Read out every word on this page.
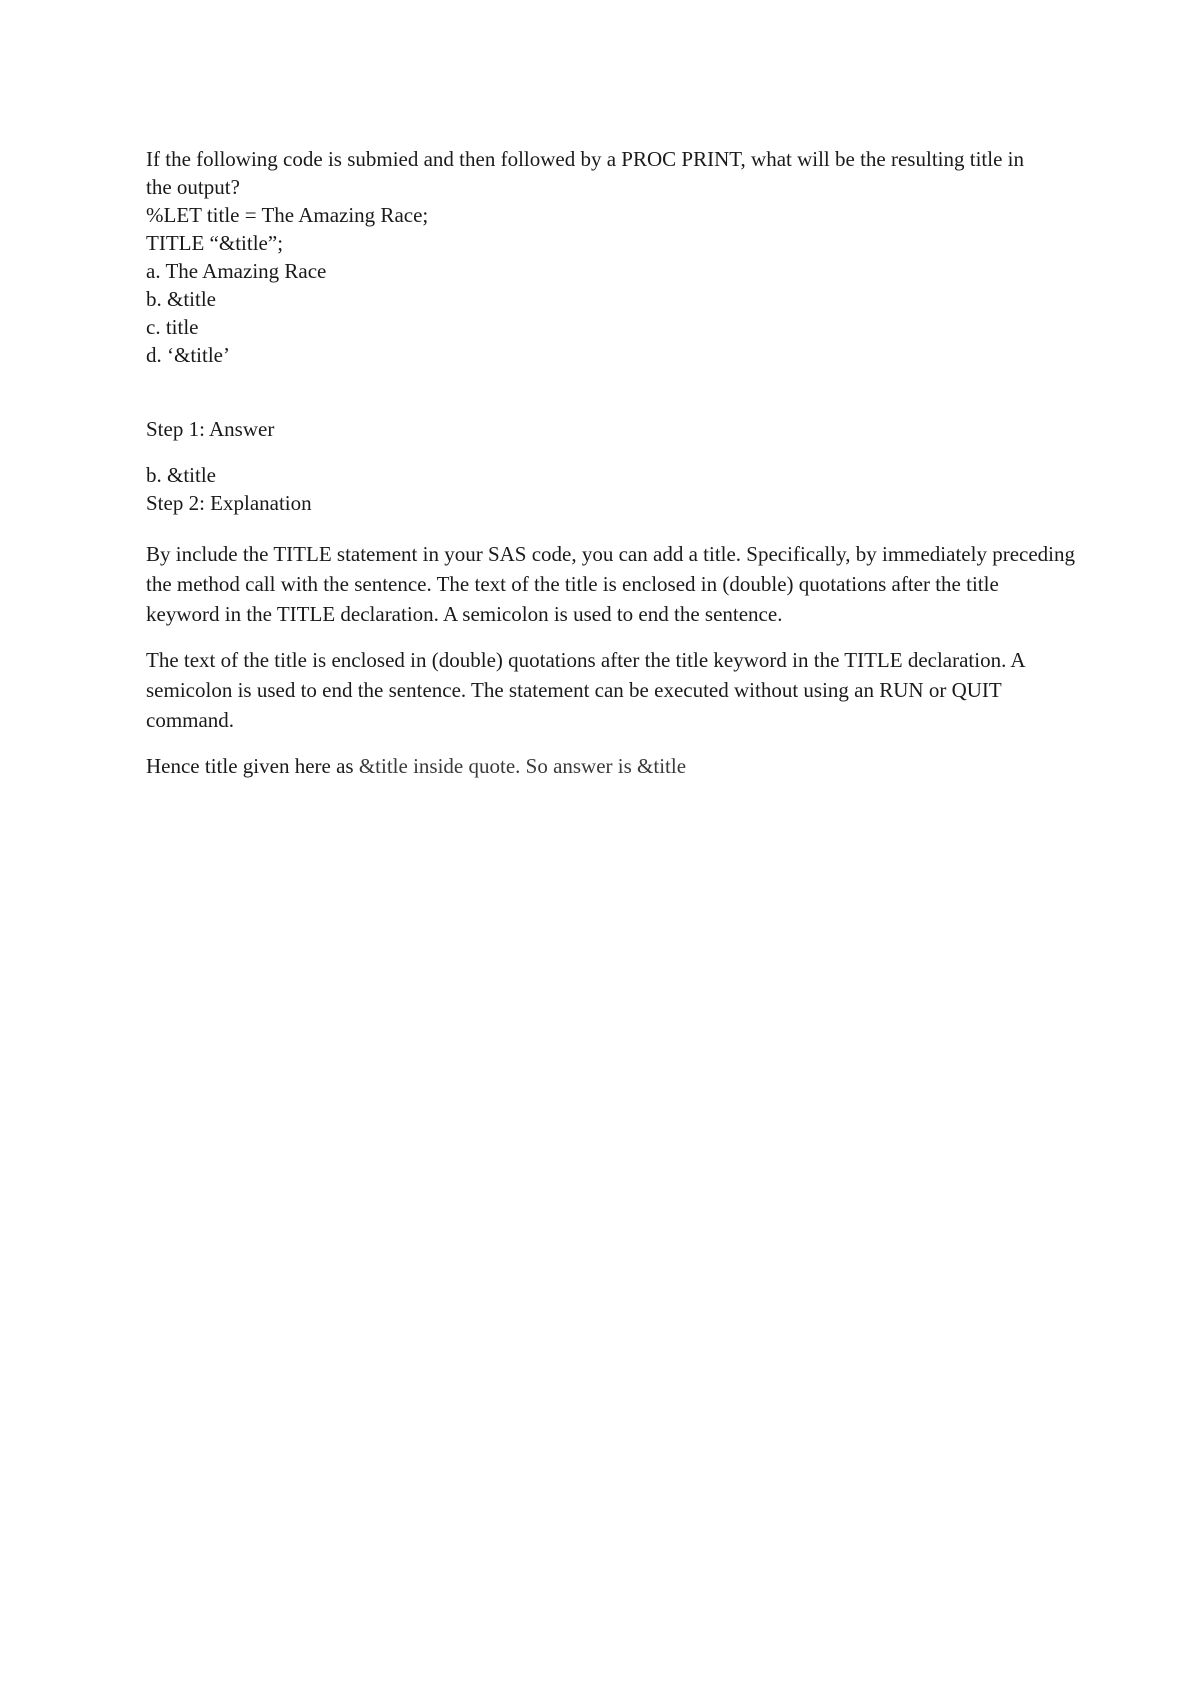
If the following code is submied and then followed by a PROC PRINT, what will be the resulting title in the output?

%LET title = The Amazing Race;

TITLE “&title”;

a. The Amazing Race

b. &title

c. title

d. ‘&title’

Step 1: Answer

b. &title

Step 2: Explanation

By include the TITLE statement in your SAS code, you can add a title. Specifically, by immediately preceding the method call with the sentence. The text of the title is enclosed in (double) quotations after the title keyword in the TITLE declaration. A semicolon is used to end the sentence.

The text of the title is enclosed in (double) quotations after the title keyword in the TITLE declaration. A semicolon is used to end the sentence. The statement can be executed without using an RUN or QUIT command.

Hence title given here as &title inside quote. So answer is &title
